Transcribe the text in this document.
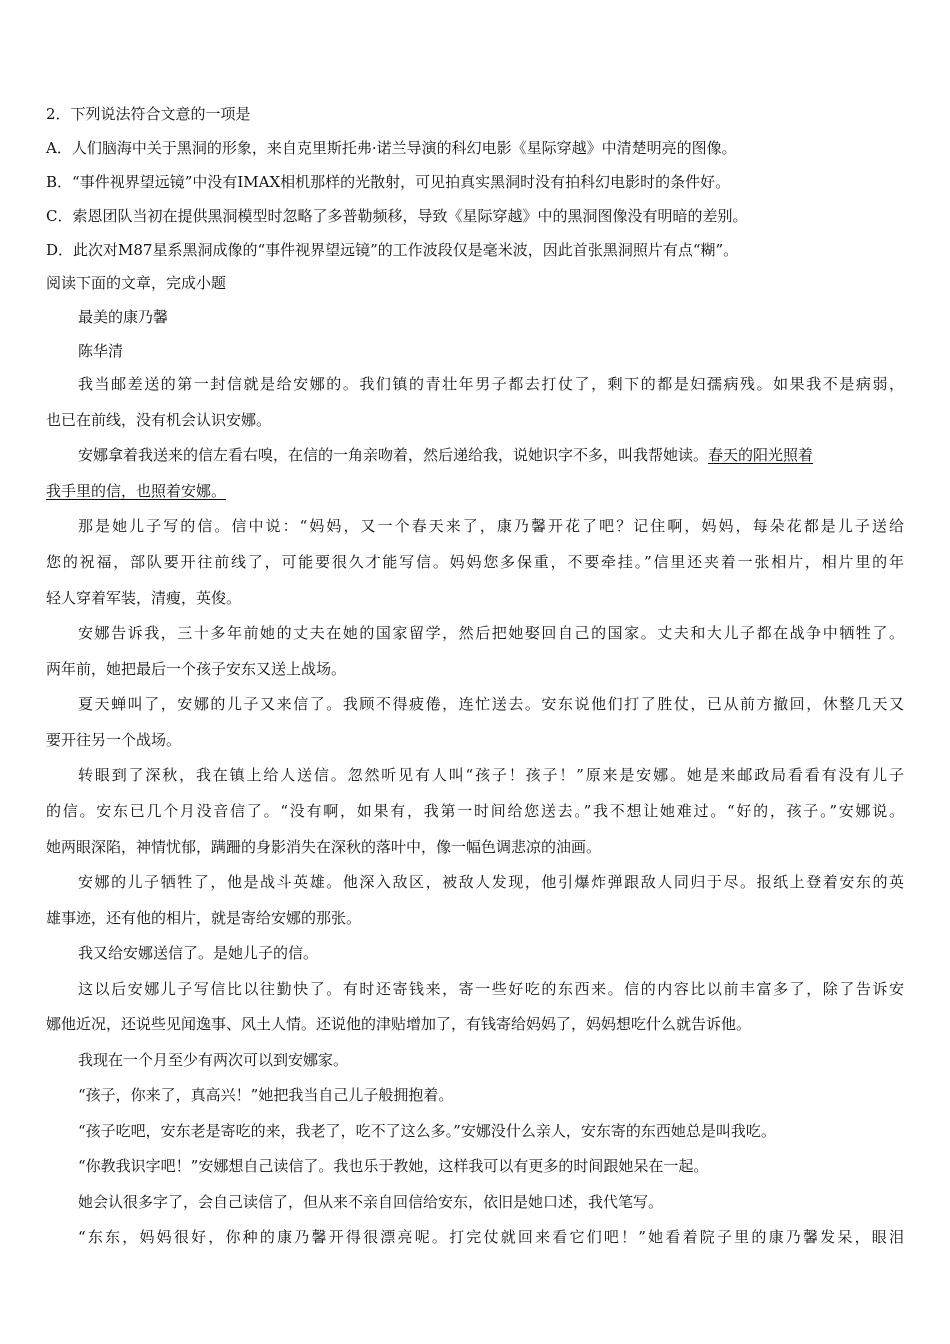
2．下列说法符合文意的一项是
A．人们脑海中关于黑洞的形象，来自克里斯托弗·诺兰导演的科幻电影《星际穿越》中清楚明亮的图像。
B．“事件视界望远镜”中没有IMAX相机那样的光散射，可见拍真实黑洞时没有拍科幻电影时的条件好。
C．索恩团队当初在提供黑洞模型时忽略了多普勒频移，导致《星际穿越》中的黑洞图像没有明暗的差别。
D．此次对M87星系黑洞成像的“事件视界望远镜”的工作波段仅是毫米波，因此首张黑洞照片有点“糊”。
阅读下面的文章，完成小题
最美的康乃馨
陈华清
我当邮差送的第一封信就是给安娜的。我们镇的青壮年男子都去打仗了，剩下的都是妇孺病残。如果我不是病弱，
也已在前线，没有机会认识安娜。
安娜拿着我送来的信左看右嗅，在信的一角亲吻着，然后递给我，说她识字不多，叫我帮她读。春天的阳光照着
我手里的信，也照着安娜。
那是她儿子写的信。信中说：“妈妈，又一个春天来了，康乃馨开花了吧？记住啊，妈妈，每朵花都是儿子送给
您的祝福，部队要开往前线了，可能要很久才能写信。妈妈您多保重，不要牵挂。”信里还夹着一张相片，相片里的年
轻人穿着军装，清瘦，英俊。
安娜告诉我，三十多年前她的丈夫在她的国家留学，然后把她娶回自己的国家。丈夫和大儿子都在战争中牺牲了。
两年前，她把最后一个孩子安东又送上战场。
夏天蝉叫了，安娜的儿子又来信了。我顾不得疲倦，连忙送去。安东说他们打了胜仗，已从前方撤回，休整几天又
要开往另一个战场。
转眼到了深秋，我在镇上给人送信。忽然听见有人叫“孩子！孩子！”原来是安娜。她是来邮政局看看有没有儿子
的信。安东已几个月没音信了。“没有啊，如果有，我第一时间给您送去。”我不想让她难过。“好的，孩子。”安娜说。
她两眼深陷，神情忧郁，蹒跚的身影消失在深秋的落叶中，像一幅色调悲凉的油画。
安娜的儿子牺牲了，他是战斗英雄。他深入敌区，被敌人发现，他引爆炸弹跟敌人同归于尽。报纸上登着安东的英
雄事迹，还有他的相片，就是寄给安娜的那张。
我又给安娜送信了。是她儿子的信。
这以后安娜儿子写信比以往勤快了。有时还寄钱来，寄一些好吃的东西来。信的内容比以前丰富多了，除了告诉安
娜他近况，还说些见闻逸事、风土人情。还说他的津贴增加了，有钱寄给妈妈了，妈妈想吃什么就告诉他。
我现在一个月至少有两次可以到安娜家。
“孩子，你来了，真高兴！”她把我当自己儿子般拥抱着。
“孩子吃吧，安东老是寄吃的来，我老了，吃不了这么多。”安娜没什么亲人，安东寄的东西她总是叫我吃。
“你教我识字吧！”安娜想自己读信了。我也乐于教她，这样我可以有更多的时间跟她呆在一起。
她会认很多字了，会自己读信了，但从来不亲自回信给安东，依旧是她口述，我代笔写。
“东东，妈妈很好，你种的康乃馨开得很漂亮呢。打完仗就回来看它们吧！”她看着院子里的康乃馨发呆，眼泪
